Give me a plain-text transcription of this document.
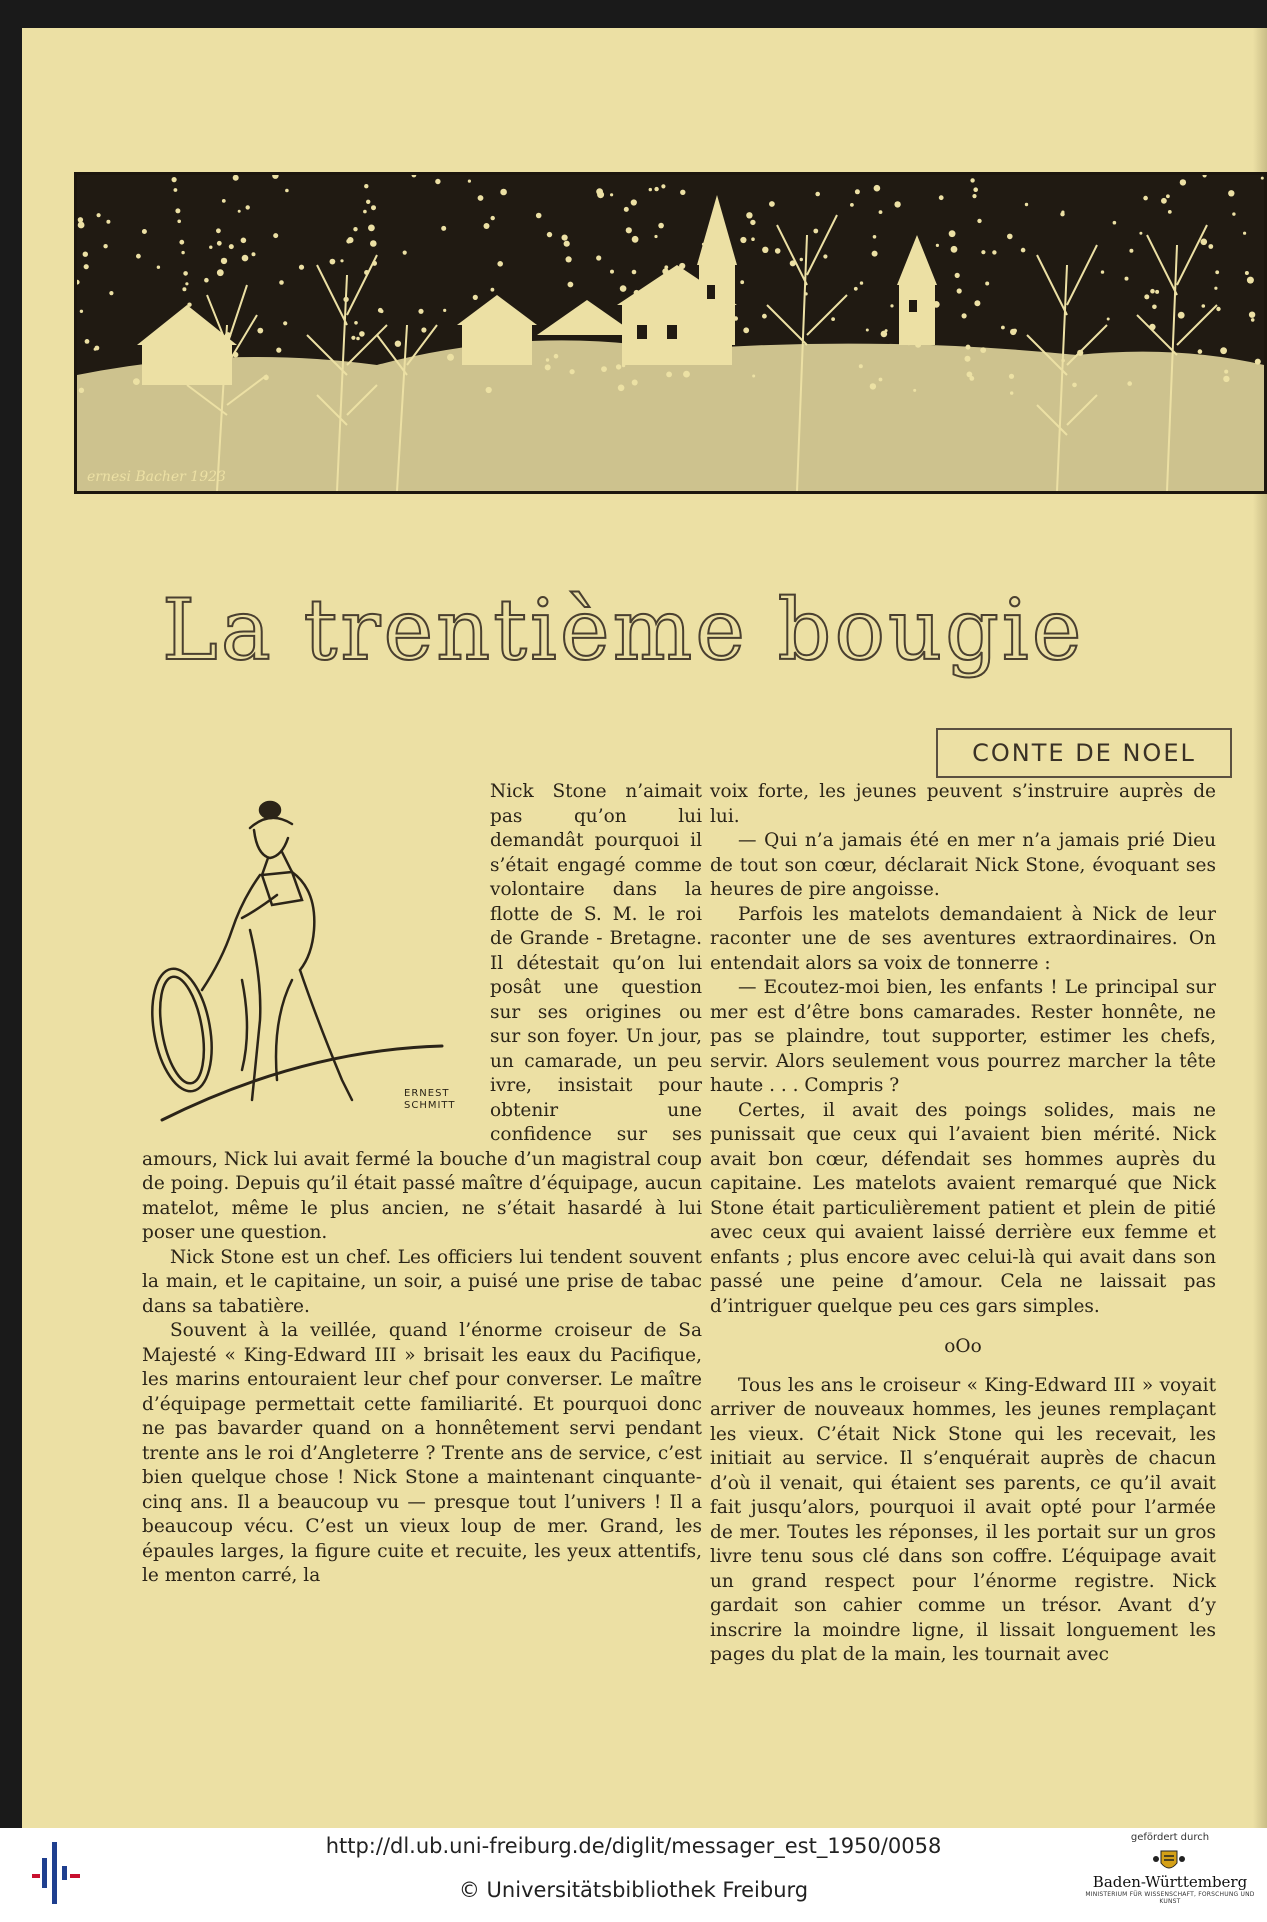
ernesi Bacher 1923
La trentième bougie
CONTE DE NOEL
ERNEST SCHMITT

Nick Stone n’aimait pas qu’on lui demandât pourquoi il s’était engagé comme volontaire dans la flotte de S. M. le roi de Grande - Bretagne. Il détestait qu’on lui posât une question sur ses origines ou sur son foyer. Un jour, un camarade, un peu ivre, insistait pour obtenir une confidence sur ses amours, Nick lui avait fermé la bouche d’un magistral coup de poing. Depuis qu’il était passé maître d’équipage, aucun matelot, même le plus ancien, ne s’était hasardé à lui poser une question.

Nick Stone est un chef. Les officiers lui tendent souvent la main, et le capitaine, un soir, a puisé une prise de tabac dans sa tabatière.

Souvent à la veillée, quand l’énorme croiseur de Sa Majesté « King-Edward III » brisait les eaux du Pacifique, les marins entouraient leur chef pour converser. Le maître d’équipage permettait cette familiarité. Et pourquoi donc ne pas bavarder quand on a honnêtement servi pendant trente ans le roi d’Angleterre ? Trente ans de service, c’est bien quelque chose ! Nick Stone a maintenant cinquante-cinq ans. Il a beaucoup vu — presque tout l’univers ! Il a beaucoup vécu. C’est un vieux loup de mer. Grand, les épaules larges, la figure cuite et recuite, les yeux attentifs, le menton carré, la

voix forte, les jeunes peuvent s’instruire auprès de lui.

— Qui n’a jamais été en mer n’a jamais prié Dieu de tout son cœur, déclarait Nick Stone, évoquant ses heures de pire angoisse.

Parfois les matelots demandaient à Nick de leur raconter une de ses aventures extraordinaires. On entendait alors sa voix de tonnerre :

— Ecoutez-moi bien, les enfants ! Le principal sur mer est d’être bons camarades. Rester honnête, ne pas se plaindre, tout supporter, estimer les chefs, servir. Alors seulement vous pourrez marcher la tête haute . . . Compris ?

Certes, il avait des poings solides, mais ne punissait que ceux qui l’avaient bien mérité. Nick avait bon cœur, défendait ses hommes auprès du capitaine. Les matelots avaient remarqué que Nick Stone était particulièrement patient et plein de pitié avec ceux qui avaient laissé derrière eux femme et enfants ; plus encore avec celui-là qui avait dans son passé une peine d’amour. Cela ne laissait pas d’intriguer quelque peu ces gars simples.

oOo

Tous les ans le croiseur « King-Edward III » voyait arriver de nouveaux hommes, les jeunes remplaçant les vieux. C’était Nick Stone qui les recevait, les initiait au service. Il s’enquérait auprès de chacun d’où il venait, qui étaient ses parents, ce qu’il avait fait jusqu’alors, pourquoi il avait opté pour l’armée de mer. Toutes les réponses, il les portait sur un gros livre tenu sous clé dans son coffre. L’équipage avait un grand respect pour l’énorme registre. Nick gardait son cahier comme un trésor. Avant d’y inscrire la moindre ligne, il lissait longuement les pages du plat de la main, les tournait avec

http://dl.ub.uni-freiburg.de/diglit/messager_est_1950/0058
© Universitätsbibliothek Freiburg
gefördert durch
Baden-Württemberg
MINISTERIUM FÜR WISSENSCHAFT, FORSCHUNG UND KUNST
